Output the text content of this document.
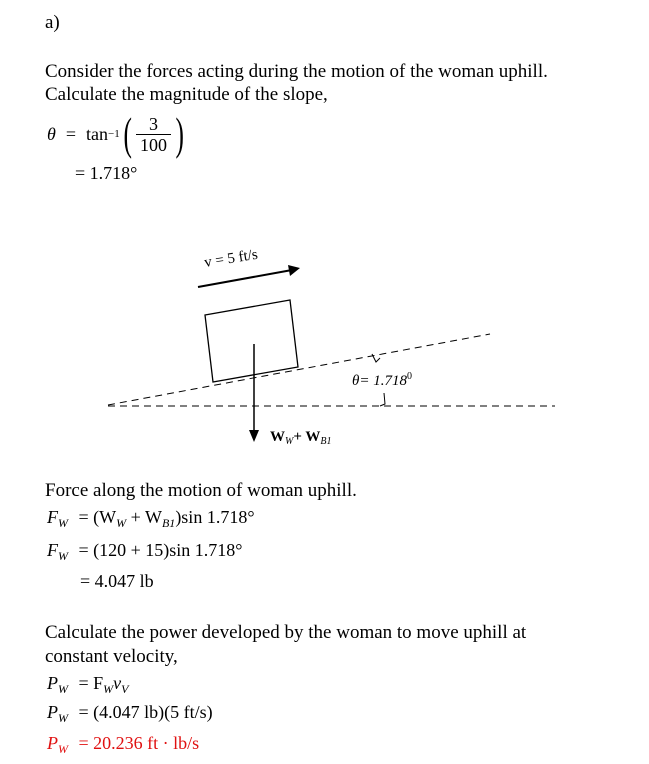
a)
Consider the forces acting during the motion of the woman uphill.
Calculate the magnitude of the slope,
θ = tan −1 ( $\frac{3}{100}$ )
= 1.718°
v = 5 ft/s
$\theta= 1.718^0$
$W_W+ W_{B1}$
Force along the motion of woman uphill.
$F_W = (W_W + W_{B1})\sin$ 1.718°
$F_W = (120 + 15)\sin$ 1.718°
= 4.047 lb
Calculate the power developed by the woman to move uphill at
constant velocity,
$P_W = F_Wv_V$
$P_W = (4.047$ lb)(5 ft/s)
$P_W = 20.236$ ft · lb/s
